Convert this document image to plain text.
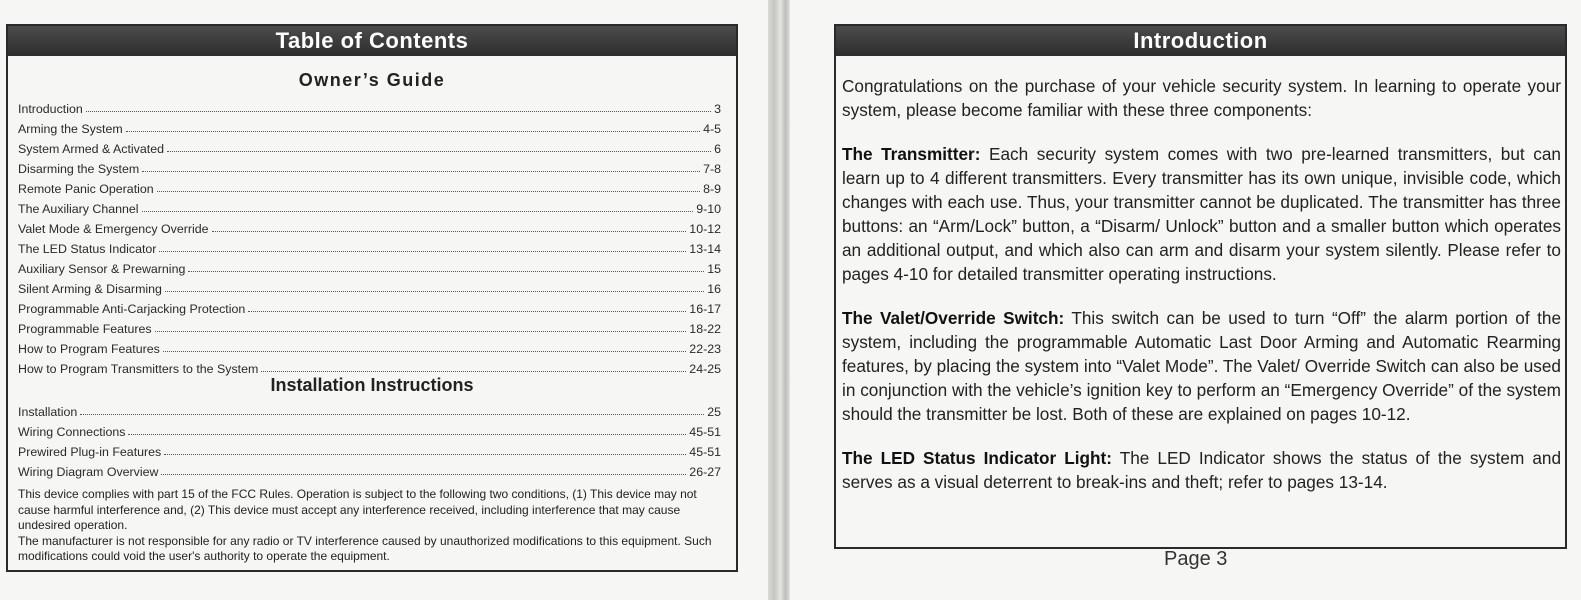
Table of Contents
Owner’s Guide
Introduction	3
Arming the System	4-5
System Armed & Activated	6
Disarming the System	7-8
Remote Panic Operation	8-9
The Auxiliary Channel	9-10
Valet Mode & Emergency Override	10-12
The LED Status Indicator	13-14
Auxiliary Sensor & Prewarning	15
Silent Arming & Disarming	16
Programmable Anti-Carjacking Protection	16-17
Programmable Features	18-22
How to Program Features	22-23
How to Program Transmitters to the System	24-25
Installation Instructions
Installation	25
Wiring Connections	45-51
Prewired Plug-in Features	45-51
Wiring Diagram Overview	26-27

This device complies with part 15 of the FCC Rules. Operation is subject to the following two conditions, (1) This device may not cause harmful interference and, (2) This device must accept any interference received, including interference that may cause undesired operation.

The manufacturer is not responsible for any radio or TV interference caused by unauthorized modifications to this equipment. Such modifications could void the user's authority to operate the equipment.

Introduction

Congratulations on the purchase of your vehicle security system. In learning to operate your system, please become familiar with these three components:

The Transmitter: Each security system comes with two pre-learned transmitters, but can learn up to 4 different transmitters. Every transmitter has its own unique, invisible code, which changes with each use. Thus, your transmitter cannot be duplicated. The transmitter has three buttons: an “Arm/Lock” button, a “Disarm/ Unlock” button and a smaller button which operates an additional output, and which also can arm and disarm your system silently. Please refer to pages 4-10 for detailed transmitter operating instructions.

The Valet/Override Switch: This switch can be used to turn “Off” the alarm portion of the system, including the programmable Automatic Last Door Arming and Automatic Rearming features, by placing the system into “Valet Mode”. The Valet/ Override Switch can also be used in conjunction with the vehicle’s ignition key to perform an “Emergency Override” of the system should the transmitter be lost. Both of these are explained on pages 10-12.

The LED Status Indicator Light: The LED Indicator shows the status of the system and serves as a visual deterrent to break-ins and theft; refer to pages 13-14.

Page 3
